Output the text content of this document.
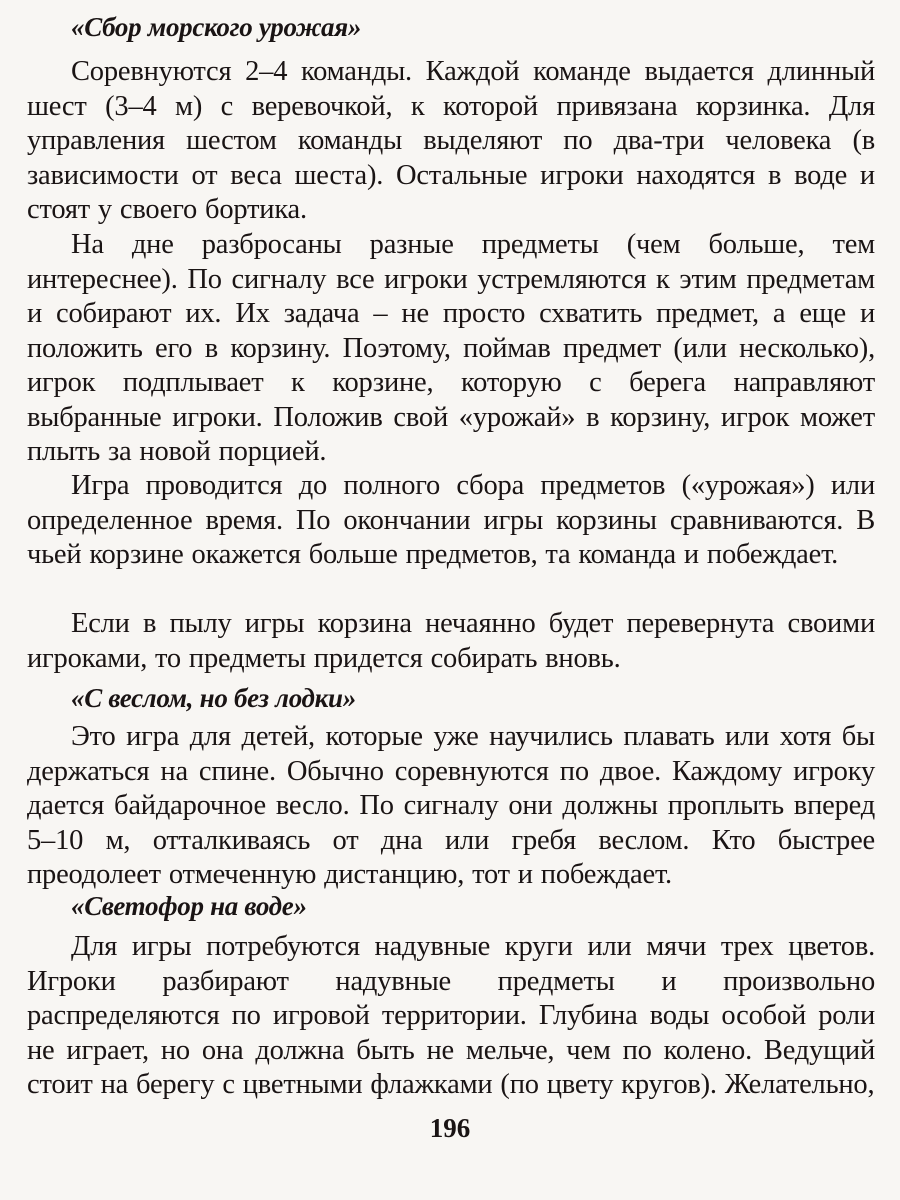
«Сбор морского урожая»

Соревнуются 2–4 команды. Каждой команде выдается длинный шест (3–4 м) с веревочкой, к которой привязана корзинка. Для управления шестом команды выделяют по два-три человека (в зависимости от веса шеста). Остальные игроки находятся в воде и стоят у своего бортика.

На дне разбросаны разные предметы (чем больше, тем интереснее). По сигналу все игроки устремляются к этим предметам и собирают их. Их задача – не просто схватить предмет, а еще и положить его в корзину. Поэтому, поймав предмет (или несколько), игрок подплывает к корзине, которую с берега направляют выбранные игроки. Положив свой «урожай» в корзину, игрок может плыть за новой порцией.

Игра проводится до полного сбора предметов («урожая») или определенное время. По окончании игры корзины сравниваются. В чьей корзине окажется больше предметов, та команда и побеждает.

Если в пылу игры корзина нечаянно будет перевернута своими игроками, то предметы придется собирать вновь.

«С веслом, но без лодки»

Это игра для детей, которые уже научились плавать или хотя бы держаться на спине. Обычно соревнуются по двое. Каждому игроку дается байдарочное весло. По сигналу они должны проплыть вперед 5–10 м, отталкиваясь от дна или гребя веслом. Кто быстрее преодолеет отмеченную дистанцию, тот и побеждает.

«Светофор на воде»

Для игры потребуются надувные круги или мячи трех цветов. Игроки разбирают надувные предметы и произвольно распределяются по игровой территории. Глубина воды особой роли не играет, но она должна быть не мельче, чем по колено. Ведущий стоит на берегу с цветными флажками (по цвету кругов). Желательно,

196
